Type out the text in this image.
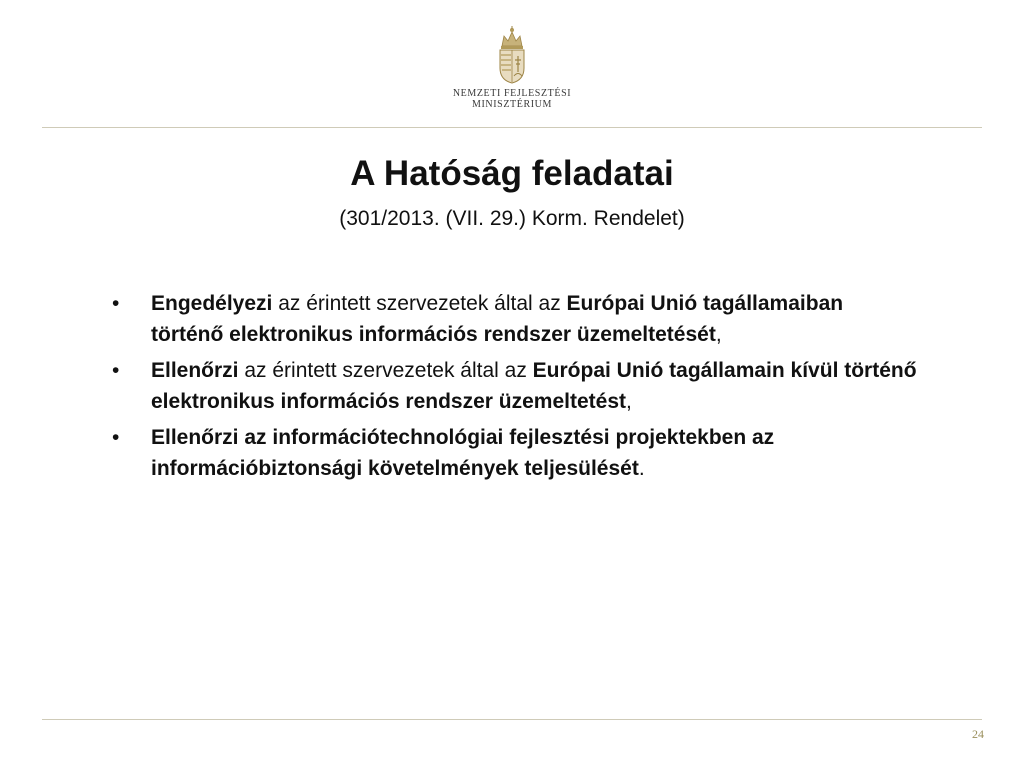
NEMZETI FEJLESZTÉSI
MINISZTÉRIUM
A Hatóság feladatai
(301/2013. (VII. 29.) Korm. Rendelet)
• Engedélyezi az érintett szervezetek által az Európai Unió tagállamaiban történő elektronikus információs rendszer üzemeltetését,
• Ellenőrzi az érintett szervezetek által az Európai Unió tagállamain kívül történő elektronikus információs rendszer üzemeltetést,
• Ellenőrzi az információtechnológiai fejlesztési projektekben az információbiztonsági követelmények teljesülését.
24
